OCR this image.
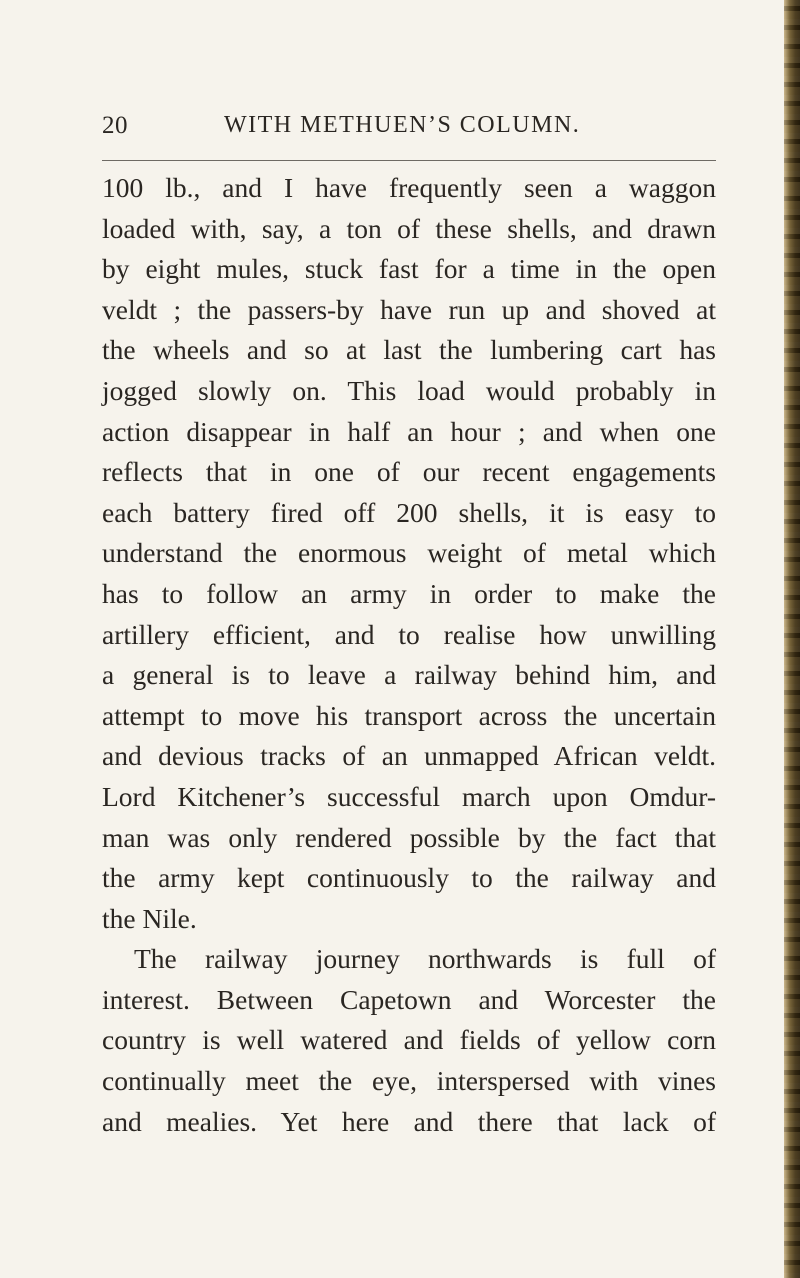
20	WITH METHUEN’S COLUMN.
100 lb., and I have frequently seen a waggon
loaded with, say, a ton of these shells, and drawn
by eight mules, stuck fast for a time in the open
veldt ; the passers-by have run up and shoved at
the wheels and so at last the lumbering cart has
jogged slowly on. This load would probably in
action disappear in half an hour ; and when one
reflects that in one of our recent engagements
each battery fired off 200 shells, it is easy to
understand the enormous weight of metal which
has to follow an army in order to make the
artillery efficient, and to realise how unwilling
a general is to leave a railway behind him, and
attempt to move his transport across the uncertain
and devious tracks of an unmapped African veldt.
Lord Kitchener’s successful march upon Omdur-
man was only rendered possible by the fact that
the army kept continuously to the railway and
the Nile.
The railway journey northwards is full of
interest. Between Capetown and Worcester the
country is well watered and fields of yellow corn
continually meet the eye, interspersed with vines
and mealies. Yet here and there that lack of
